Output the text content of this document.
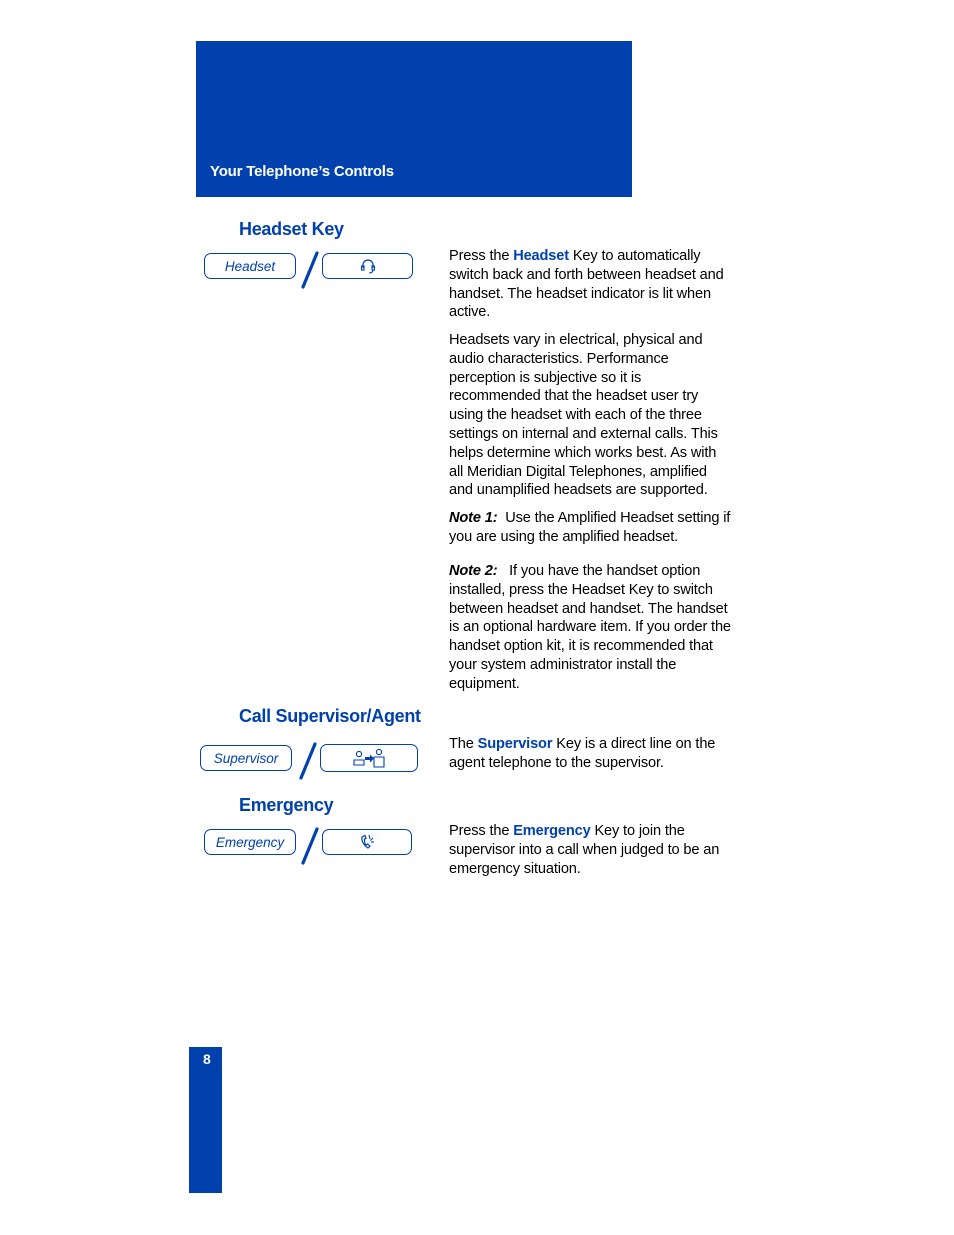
Your Telephone’s Controls
Headset Key
Headset

Press the Headset Key to automatically switch back and forth between headset and handset. The headset indicator is lit when active.

Headsets vary in electrical, physical and audio characteristics. Performance perception is subjective so it is recommended that the headset user try using the headset with each of the three settings on internal and external calls. This helps determine which works best. As with all Meridian Digital Telephones, amplified and unamplified headsets are supported.

Note 1: Use the Amplified Headset setting if you are using the amplified headset.

Note 2: If you have the handset option installed, press the Headset Key to switch between headset and handset. The handset is an optional hardware item. If you order the handset option kit, it is recommended that your system administrator install the equipment.

Call Supervisor/Agent
Supervisor

The Supervisor Key is a direct line on the agent telephone to the supervisor.

Emergency
Emergency

Press the Emergency Key to join the supervisor into a call when judged to be an emergency situation.

8
